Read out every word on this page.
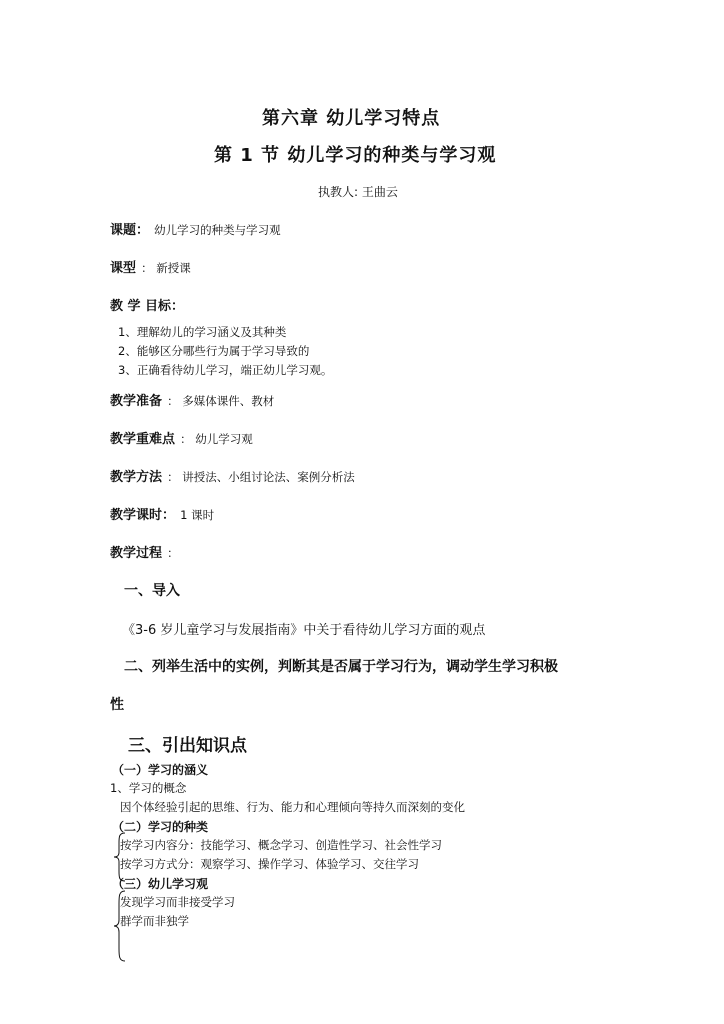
第六章 幼儿学习特点
第 1 节 幼儿学习的种类与学习观
执教人: 王曲云
课题： 幼儿学习的种类与学习观
课型 ： 新授课
教 学 目标：
1、理解幼儿的学习涵义及其种类
2、能够区分哪些行为属于学习导致的
3、正确看待幼儿学习，端正幼儿学习观。
教学准备 ： 多媒体课件、教材
教学重难点 ： 幼儿学习观
教学方法 ： 讲授法、小组讨论法、案例分析法
教学课时： 1 课时
教学过程 ：
一、导入
《3-6 岁儿童学习与发展指南》中关于看待幼儿学习方面的观点
二、列举生活中的实例，判断其是否属于学习行为，调动学生学习积极
性
三、引出知识点
（一）学习的涵义
1、学习的概念
因个体经验引起的思维、行为、能力和心理倾向等持久而深刻的变化
（二）学习的种类
按学习内容分：技能学习、概念学习、创造性学习、社会性学习
按学习方式分：观察学习、操作学习、体验学习、交往学习
（三）幼儿学习观
发现学习而非接受学习
群学而非独学
